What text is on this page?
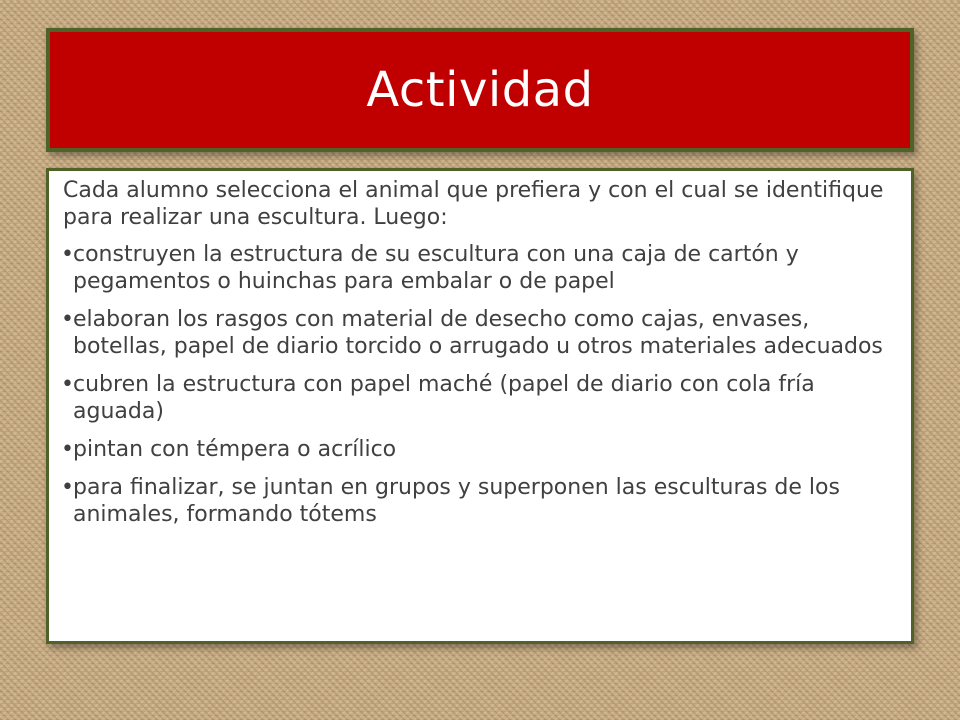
Actividad

Cada alumno selecciona el animal que prefiera y con el cual se identifique para realizar una escultura. Luego:

• construyen la estructura de su escultura con una caja de cartón y pegamentos o huinchas para embalar o de papel
• elaboran los rasgos con material de desecho como cajas, envases, botellas, papel de diario torcido o arrugado u otros materiales adecuados
• cubren la estructura con papel maché (papel de diario con cola fría aguada)
• pintan con témpera o acrílico
• para finalizar, se juntan en grupos y superponen las esculturas de los animales, formando tótems
